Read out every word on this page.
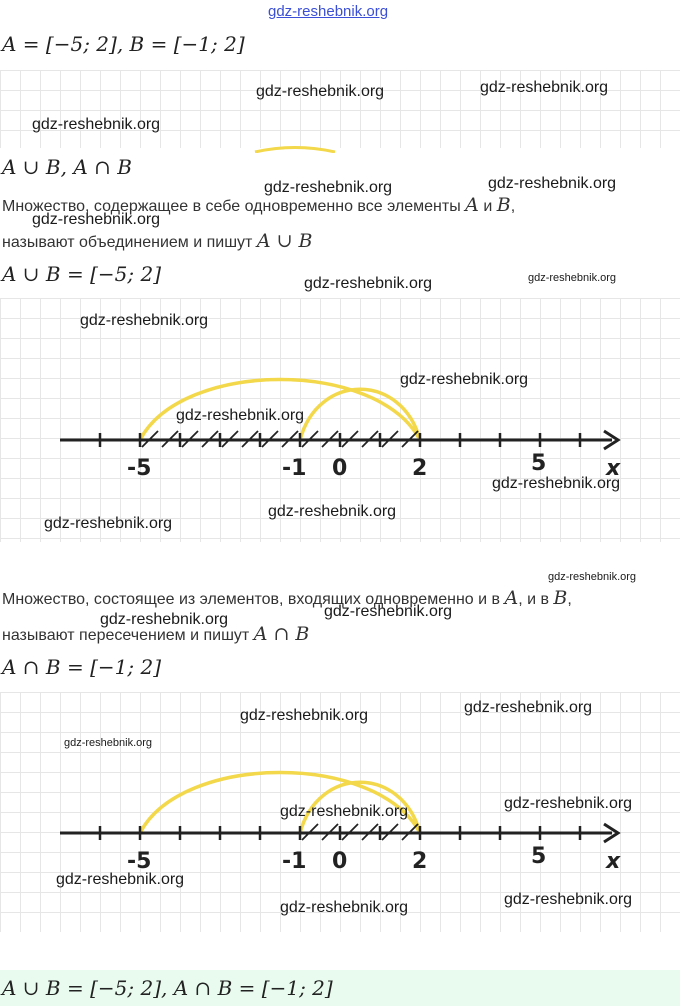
gdz-reshebnik.org
A = [−5; 2], B = [−1; 2]
A ∪ B, A ∩ B
Множество, содержащее в себе одновременно все элементы A и B,
называют объединением и пишут A ∪ B
A ∪ B = [−5; 2]
-5	-1 0	2	5	x
Множество, состоящее из элементов, входящих одновременно и в A, и в B,
называют пересечением и пишут A ∩ B
A ∩ B = [−1; 2]
-5	-1 0	2	5	x
A ∪ B = [−5; 2], A ∩ B = [−1; 2]
gdz-reshebnik.org	gdz-reshebnik.org
gdz-reshebnik.org
gdz-reshebnik.org	gdz-reshebnik.org
gdz-reshebnik.org
gdz-reshebnik.org	gdz-reshebnik.org
gdz-reshebnik.org
gdz-reshebnik.org
gdz-reshebnik.org
gdz-reshebnik.org
gdz-reshebnik.org
gdz-reshebnik.org
gdz-reshebnik.org
gdz-reshebnik.org
gdz-reshebnik.org
gdz-reshebnik.org
gdz-reshebnik.org
gdz-reshebnik.org
gdz-reshebnik.org
gdz-reshebnik.org
gdz-reshebnik.org
gdz-reshebnik.org
gdz-reshebnik.org
